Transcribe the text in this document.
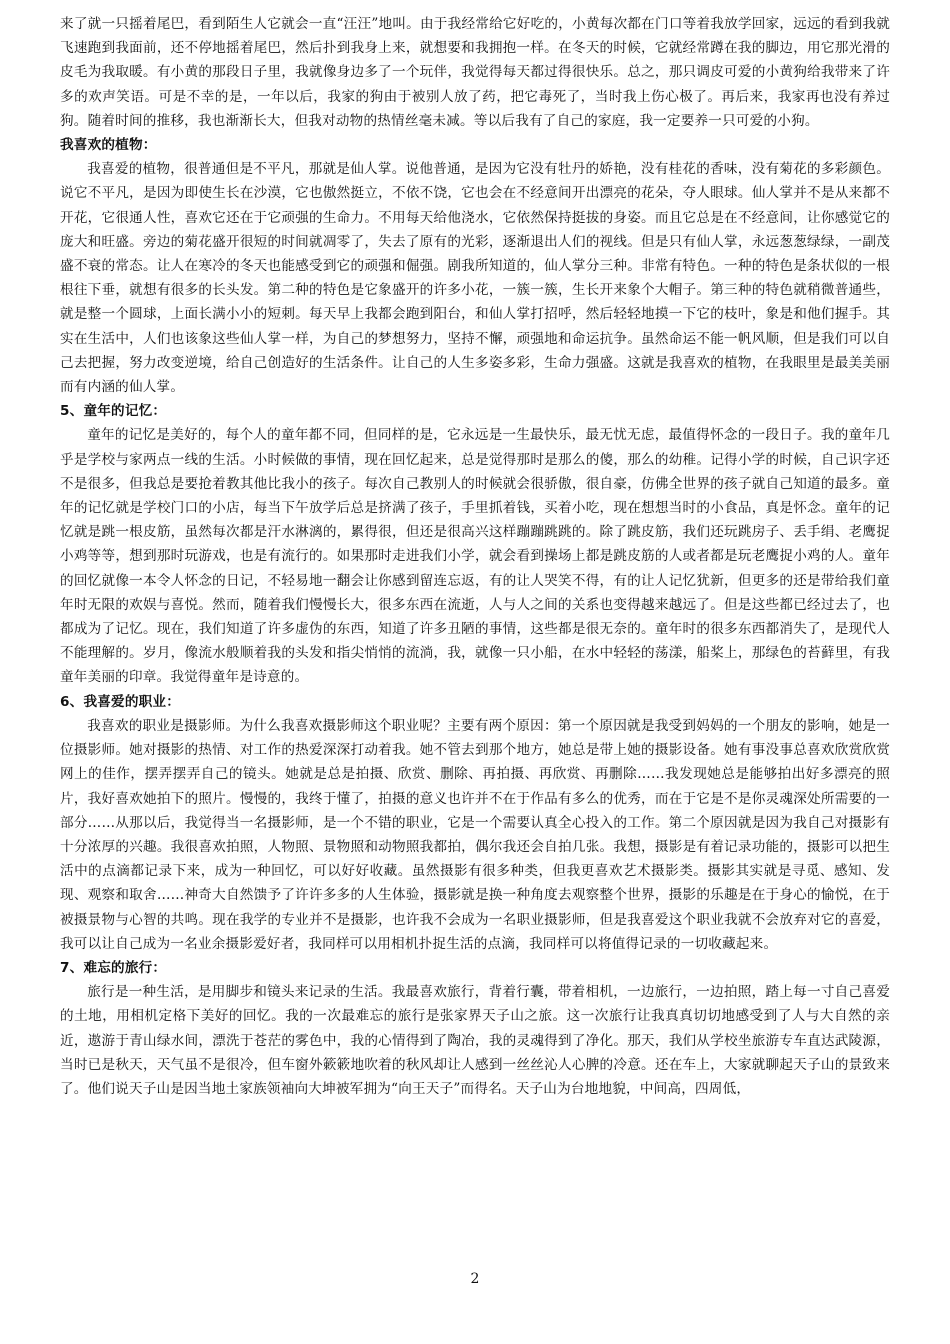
来了就一只摇着尾巴，看到陌生人它就会一直“汪汪”地叫。由于我经常给它好吃的，小黄每次都在门口等着我放学回家，远远的看到我就飞速跑到我面前，还不停地摇着尾巴，然后扑到我身上来，就想要和我拥抱一样。在冬天的时候，它就经常蹲在我的脚边，用它那光滑的皮毛为我取暖。有小黄的那段日子里，我就像身边多了一个玩伴，我觉得每天都过得很快乐。总之，那只调皮可爱的小黄狗给我带来了许多的欢声笑语。可是不幸的是，一年以后，我家的狗由于被别人放了药，把它毒死了，当时我上伤心极了。再后来，我家再也没有养过狗。随着时间的推移，我也渐渐长大，但我对动物的热情丝毫未减。等以后我有了自己的家庭，我一定要养一只可爱的小狗。

我喜欢的植物：

我喜爱的植物，很普通但是不平凡，那就是仙人掌。说他普通，是因为它没有牡丹的娇艳，没有桂花的香味，没有菊花的多彩颜色。说它不平凡，是因为即使生长在沙漠，它也傲然挺立，不依不饶，它也会在不经意间开出漂亮的花朵，夺人眼球。仙人掌并不是从来都不开花，它很通人性，喜欢它还在于它顽强的生命力。不用每天给他浇水，它依然保持挺拔的身姿。而且它总是在不经意间，让你感觉它的庞大和旺盛。旁边的菊花盛开很短的时间就凋零了，失去了原有的光彩，逐渐退出人们的视线。但是只有仙人掌，永远葱葱绿绿，一副茂盛不衰的常态。让人在寒冷的冬天也能感受到它的顽强和倔强。剧我所知道的，仙人掌分三种。非常有特色。一种的特色是条状似的一根根往下垂，就想有很多的长头发。第二种的特色是它象盛开的许多小花，一簇一簇，生长开来象个大帽子。第三种的特色就稍微普通些，就是整一个圆球，上面长满小小的短刺。每天早上我都会跑到阳台，和仙人掌打招呼，然后轻轻地摸一下它的枝叶，象是和他们握手。其实在生活中，人们也该象这些仙人掌一样，为自己的梦想努力，坚持不懈，顽强地和命运抗争。虽然命运不能一帆风顺，但是我们可以自己去把握，努力改变逆境，给自己创造好的生活条件。让自己的人生多姿多彩，生命力强盛。这就是我喜欢的植物，在我眼里是最美美丽而有内涵的仙人掌。

5、童年的记忆：

童年的记忆是美好的，每个人的童年都不同，但同样的是，它永远是一生最快乐，最无忧无虑，最值得怀念的一段日子。我的童年几乎是学校与家两点一线的生活。小时候做的事情，现在回忆起来，总是觉得那时是那么的傻，那么的幼稚。记得小学的时候，自己识字还不是很多，但我总是要抢着教其他比我小的孩子。每次自己教别人的时候就会很骄傲，很自豪，仿佛全世界的孩子就自己知道的最多。童年的记忆就是学校门口的小店，每当下午放学后总是挤满了孩子，手里抓着钱，买着小吃，现在想想当时的小食品，真是怀念。童年的记忆就是跳一根皮筋，虽然每次都是汗水淋漓的，累得很，但还是很高兴这样蹦蹦跳跳的。除了跳皮筋，我们还玩跳房子、丢手绢、老鹰捉小鸡等等，想到那时玩游戏，也是有流行的。如果那时走进我们小学，就会看到操场上都是跳皮筋的人或者都是玩老鹰捉小鸡的人。童年的回忆就像一本令人怀念的日记，不轻易地一翻会让你感到留连忘返，有的让人哭笑不得，有的让人记忆犹新，但更多的还是带给我们童年时无限的欢娱与喜悦。然而，随着我们慢慢长大，很多东西在流逝，人与人之间的关系也变得越来越远了。但是这些都已经过去了，也都成为了记忆。现在，我们知道了许多虚伪的东西，知道了许多丑陋的事情，这些都是很无奈的。童年时的很多东西都消失了，是现代人不能理解的。岁月，像流水般顺着我的头发和指尖悄悄的流淌，我，就像一只小船，在水中轻轻的荡漾，船桨上，那绿色的苔藓里，有我童年美丽的印章。我觉得童年是诗意的。

6、我喜爱的职业：

我喜欢的职业是摄影师。为什么我喜欢摄影师这个职业呢？主要有两个原因：第一个原因就是我受到妈妈的一个朋友的影响，她是一位摄影师。她对摄影的热情、对工作的热爱深深打动着我。她不管去到那个地方，她总是带上她的摄影设备。她有事没事总喜欢欣赏欣赏网上的佳作，摆弄摆弄自己的镜头。她就是总是拍摄、欣赏、删除、再拍摄、再欣赏、再删除……我发现她总是能够拍出好多漂亮的照片，我好喜欢她拍下的照片。慢慢的，我终于懂了，拍摄的意义也许并不在于作品有多么的优秀，而在于它是不是你灵魂深处所需要的一部分……从那以后，我觉得当一名摄影师，是一个不错的职业，它是一个需要认真全心投入的工作。第二个原因就是因为我自己对摄影有十分浓厚的兴趣。我很喜欢拍照，人物照、景物照和动物照我都拍，偶尔我还会自拍几张。我想，摄影是有着记录功能的，摄影可以把生活中的点滴都记录下来，成为一种回忆，可以好好收藏。虽然摄影有很多种类，但我更喜欢艺术摄影类。摄影其实就是寻觅、感知、发现、观察和取舍……神奇大自然馈予了许许多多的人生体验，摄影就是换一种角度去观察整个世界，摄影的乐趣是在于身心的愉悦，在于被摄景物与心智的共鸣。现在我学的专业并不是摄影，也许我不会成为一名职业摄影师，但是我喜爱这个职业我就不会放弃对它的喜爱，我可以让自己成为一名业余摄影爱好者，我同样可以用相机扑捉生活的点滴，我同样可以将值得记录的一切收藏起来。

7、难忘的旅行：

旅行是一种生活，是用脚步和镜头来记录的生活。我最喜欢旅行，背着行囊，带着相机，一边旅行，一边拍照，踏上每一寸自己喜爱的土地，用相机定格下美好的回忆。我的一次最难忘的旅行是张家界天子山之旅。这一次旅行让我真真切切地感受到了人与大自然的亲近，遨游于青山绿水间，漂洗于苍茫的雾色中，我的心情得到了陶冶，我的灵魂得到了净化。那天，我们从学校坐旅游专车直达武陵源，当时已是秋天，天气虽不是很冷，但车窗外簌簌地吹着的秋风却让人感到一丝丝沁人心脾的冷意。还在车上，大家就聊起天子山的景致来了。他们说天子山是因当地土家族领袖向大坤被军拥为“向王天子”而得名。天子山为台地地貌，中间高，四周低，

2
